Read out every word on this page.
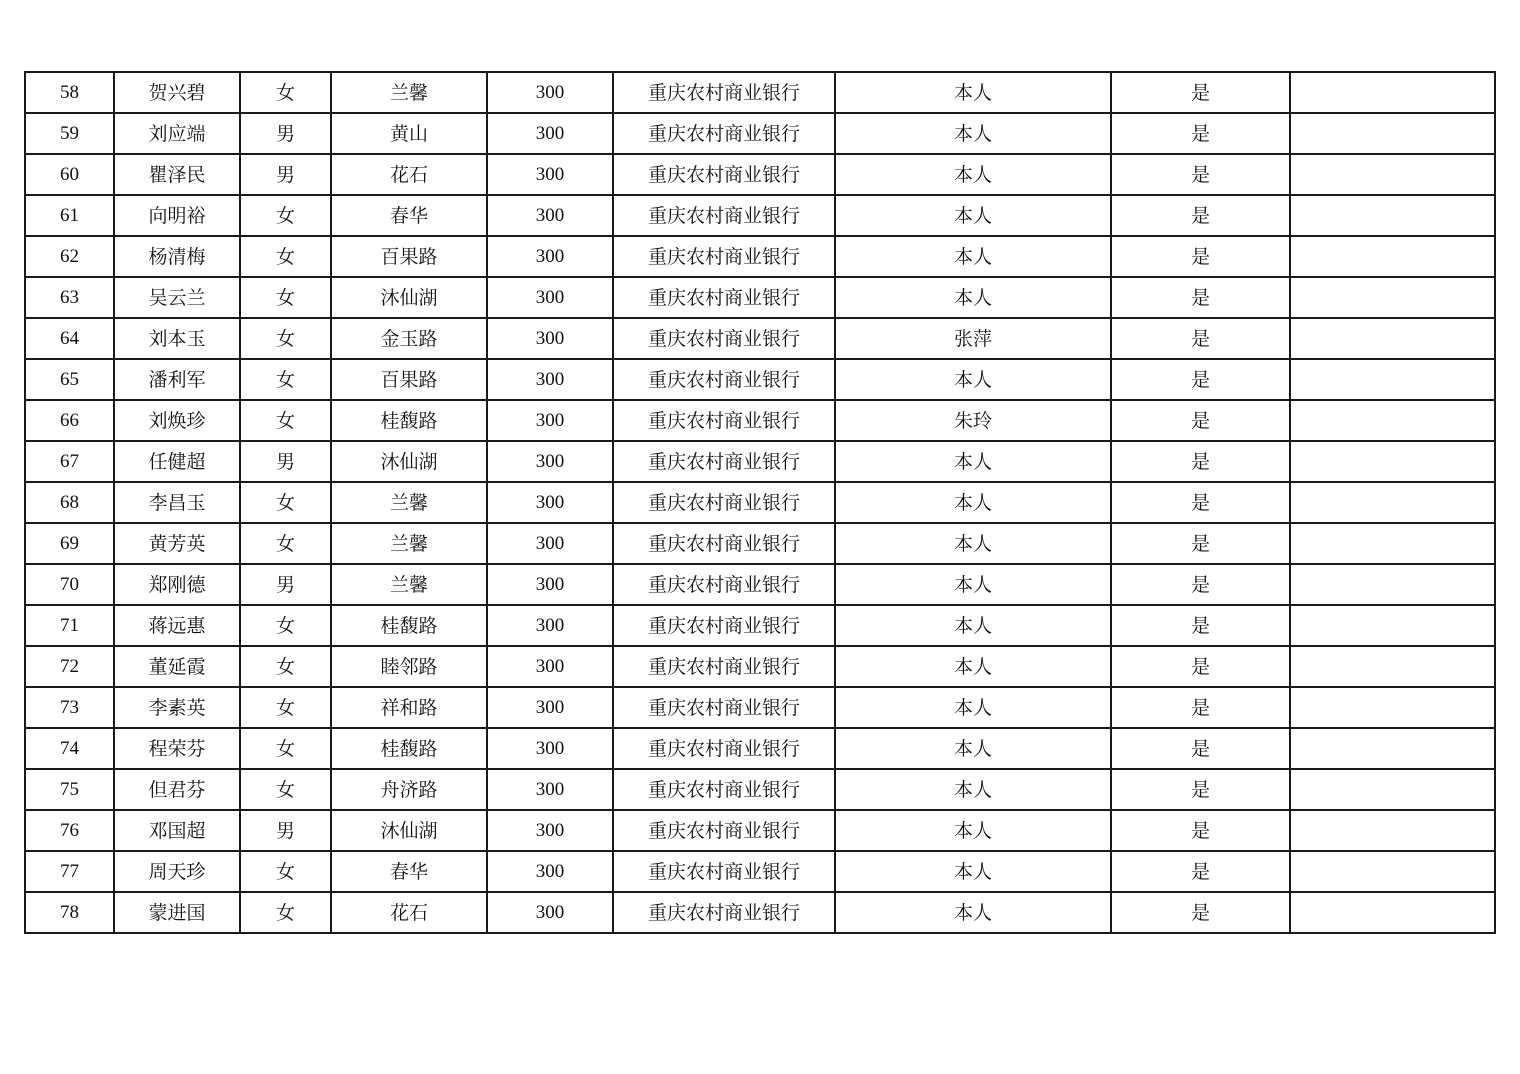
58	贺兴碧	女	兰馨	300	重庆农村商业银行	本人	是	
59	刘应端	男	黄山	300	重庆农村商业银行	本人	是	
60	瞿泽民	男	花石	300	重庆农村商业银行	本人	是	
61	向明裕	女	春华	300	重庆农村商业银行	本人	是	
62	杨清梅	女	百果路	300	重庆农村商业银行	本人	是	
63	吴云兰	女	沐仙湖	300	重庆农村商业银行	本人	是	
64	刘本玉	女	金玉路	300	重庆农村商业银行	张萍	是	
65	潘利军	女	百果路	300	重庆农村商业银行	本人	是	
66	刘焕珍	女	桂馥路	300	重庆农村商业银行	朱玲	是	
67	任健超	男	沐仙湖	300	重庆农村商业银行	本人	是	
68	李昌玉	女	兰馨	300	重庆农村商业银行	本人	是	
69	黄芳英	女	兰馨	300	重庆农村商业银行	本人	是	
70	郑刚德	男	兰馨	300	重庆农村商业银行	本人	是	
71	蒋远惠	女	桂馥路	300	重庆农村商业银行	本人	是	
72	董延霞	女	睦邻路	300	重庆农村商业银行	本人	是	
73	李素英	女	祥和路	300	重庆农村商业银行	本人	是	
74	程荣芬	女	桂馥路	300	重庆农村商业银行	本人	是	
75	但君芬	女	舟济路	300	重庆农村商业银行	本人	是	
76	邓国超	男	沐仙湖	300	重庆农村商业银行	本人	是	
77	周天珍	女	春华	300	重庆农村商业银行	本人	是	
78	蒙进国	女	花石	300	重庆农村商业银行	本人	是	
